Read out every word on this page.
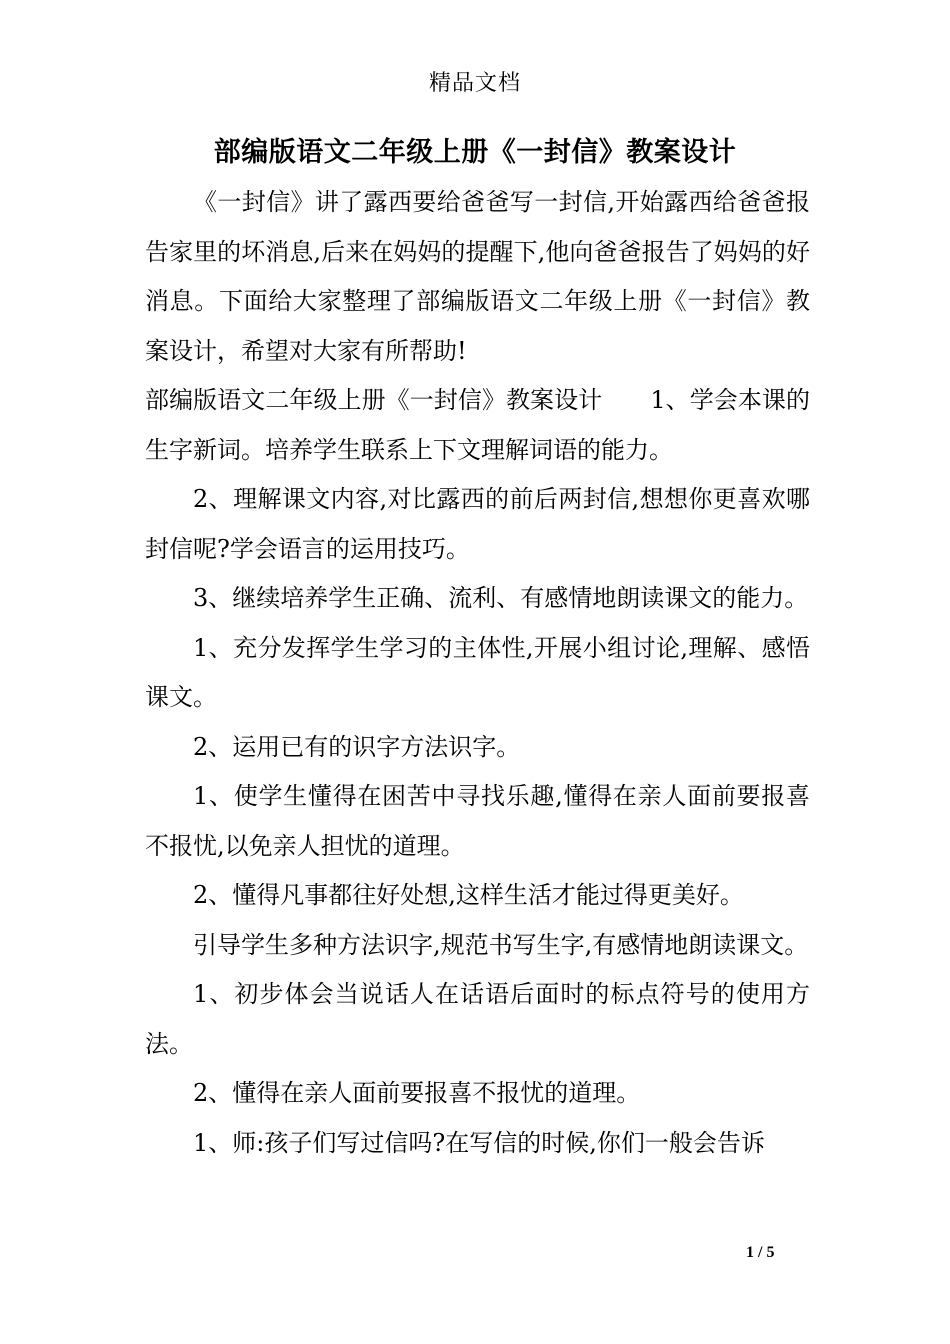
精品文档
部编版语文二年级上册《一封信》教案设计

《一封信》讲了露西要给爸爸写一封信,开始露西给爸爸报告家里的坏消息,后来在妈妈的提醒下,他向爸爸报告了妈妈的好消息。下面给大家整理了部编版语文二年级上册《一封信》教案设计，希望对大家有所帮助!

部编版语文二年级上册《一封信》教案设计　　1、学会本课的生字新词。培养学生联系上下文理解词语的能力。

2、理解课文内容,对比露西的前后两封信,想想你更喜欢哪封信呢?学会语言的运用技巧。

3、继续培养学生正确、流利、有感情地朗读课文的能力。

1、充分发挥学生学习的主体性,开展小组讨论,理解、感悟课文。

2、运用已有的识字方法识字。

1、使学生懂得在困苦中寻找乐趣,懂得在亲人面前要报喜不报忧,以免亲人担忧的道理。

2、懂得凡事都往好处想,这样生活才能过得更美好。

引导学生多种方法识字,规范书写生字,有感情地朗读课文。

1、初步体会当说话人在话语后面时的标点符号的使用方法。

2、懂得在亲人面前要报喜不报忧的道理。

1、师:孩子们写过信吗?在写信的时候,你们一般会告诉

1 / 5
